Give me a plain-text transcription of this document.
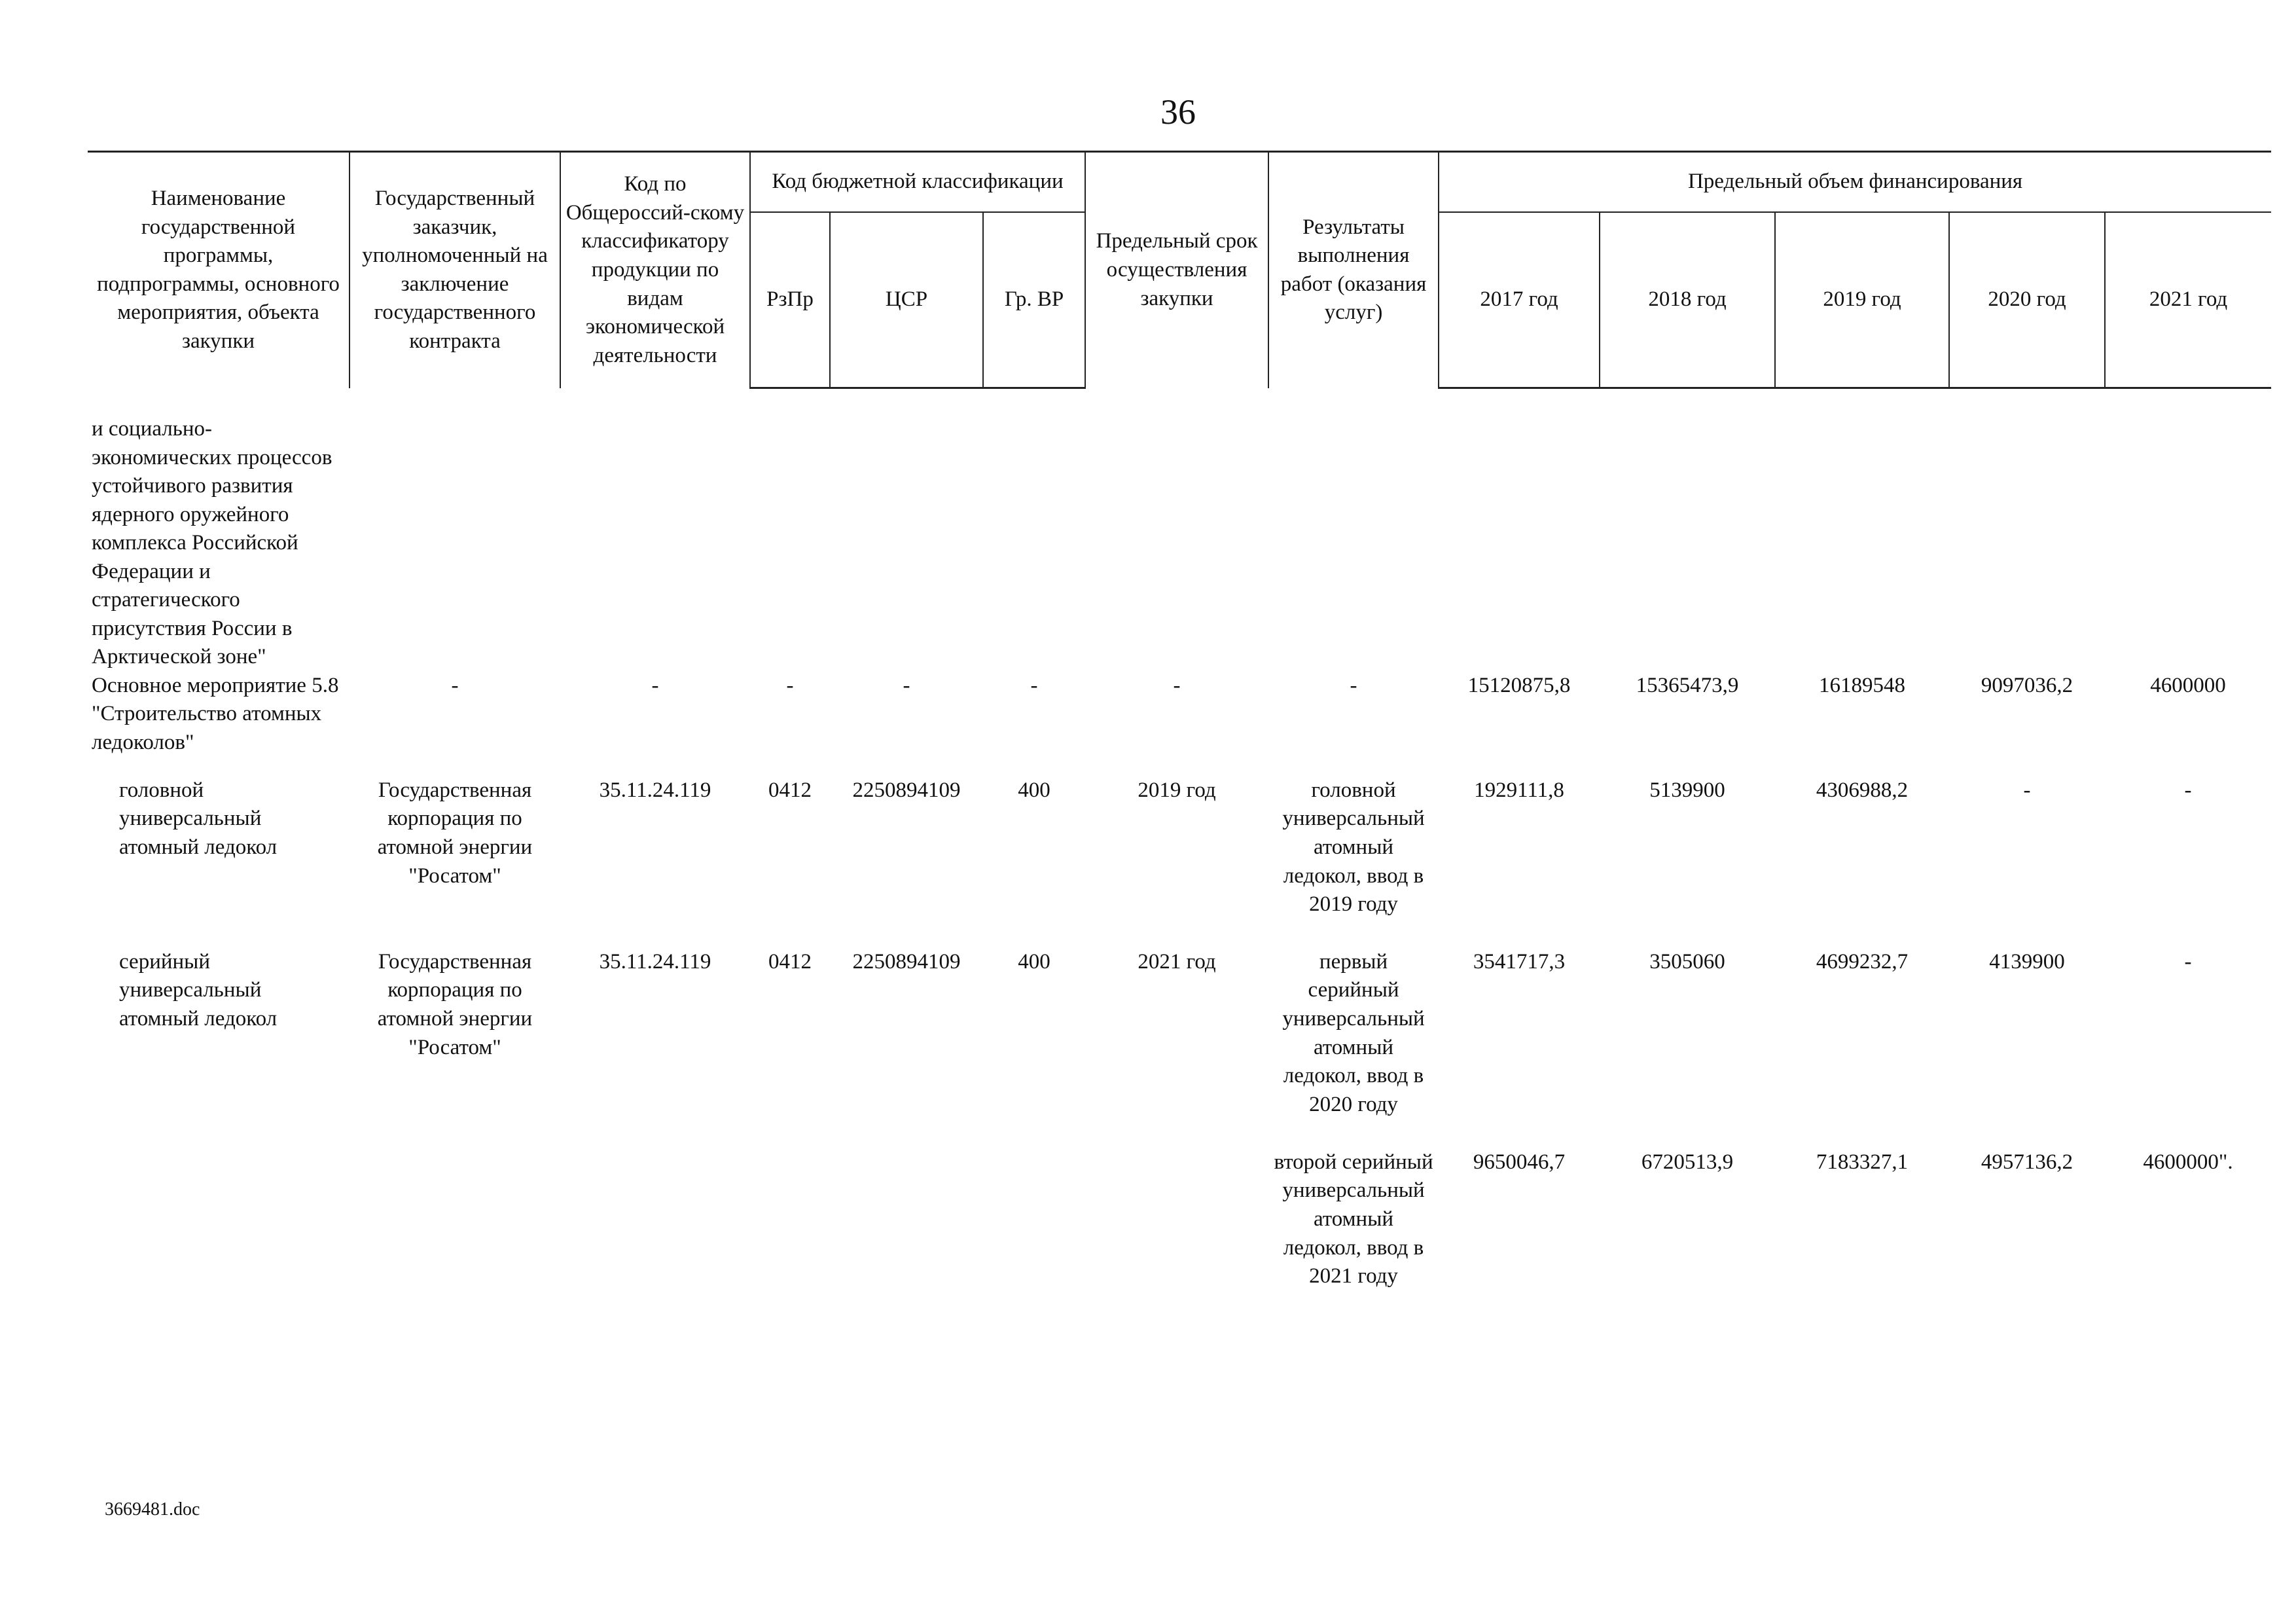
36
Наименование государственной программы, подпрограммы, основного мероприятия, объекта закупки	Государственный заказчик, уполномоченный на заключение государственного контракта	Код по Общероссий-скому классификатору продукции по видам экономической деятельности	Код бюджетной классификации			Предельный срок осуществления закупки	Результаты выполнения работ (оказания услуг)	Предельный объем финансирования				
			РзПр	ЦСР	Гр. ВР			2017 год	2018 год	2019 год	2020 год	2021 год

и социально-экономических процессов устойчивого развития ядерного оружейного комплекса Российской Федерации и стратегического присутствия России в Арктической зоне"												
Основное мероприятие 5.8 "Строительство атомных ледоколов"	-	-	-	-	-	-	-	15120875,8	15365473,9	16189548	9097036,2	4600000
головной универсальный атомный ледокол	Государственная корпорация по атомной энергии "Росатом"	35.11.24.119	0412	2250894109	400	2019 год	головной универсальный атомный ледокол, ввод в 2019 году	1929111,8	5139900	4306988,2	-	-
серийный универсальный атомный ледокол	Государственная корпорация по атомной энергии "Росатом"	35.11.24.119	0412	2250894109	400	2021 год	первый серийный универсальный атомный ледокол, ввод в 2020 году	3541717,3	3505060	4699232,7	4139900	-
							второй серийный универсальный атомный ледокол, ввод в 2021 году	9650046,7	6720513,9	7183327,1	4957136,2	4600000".
3669481.doc
